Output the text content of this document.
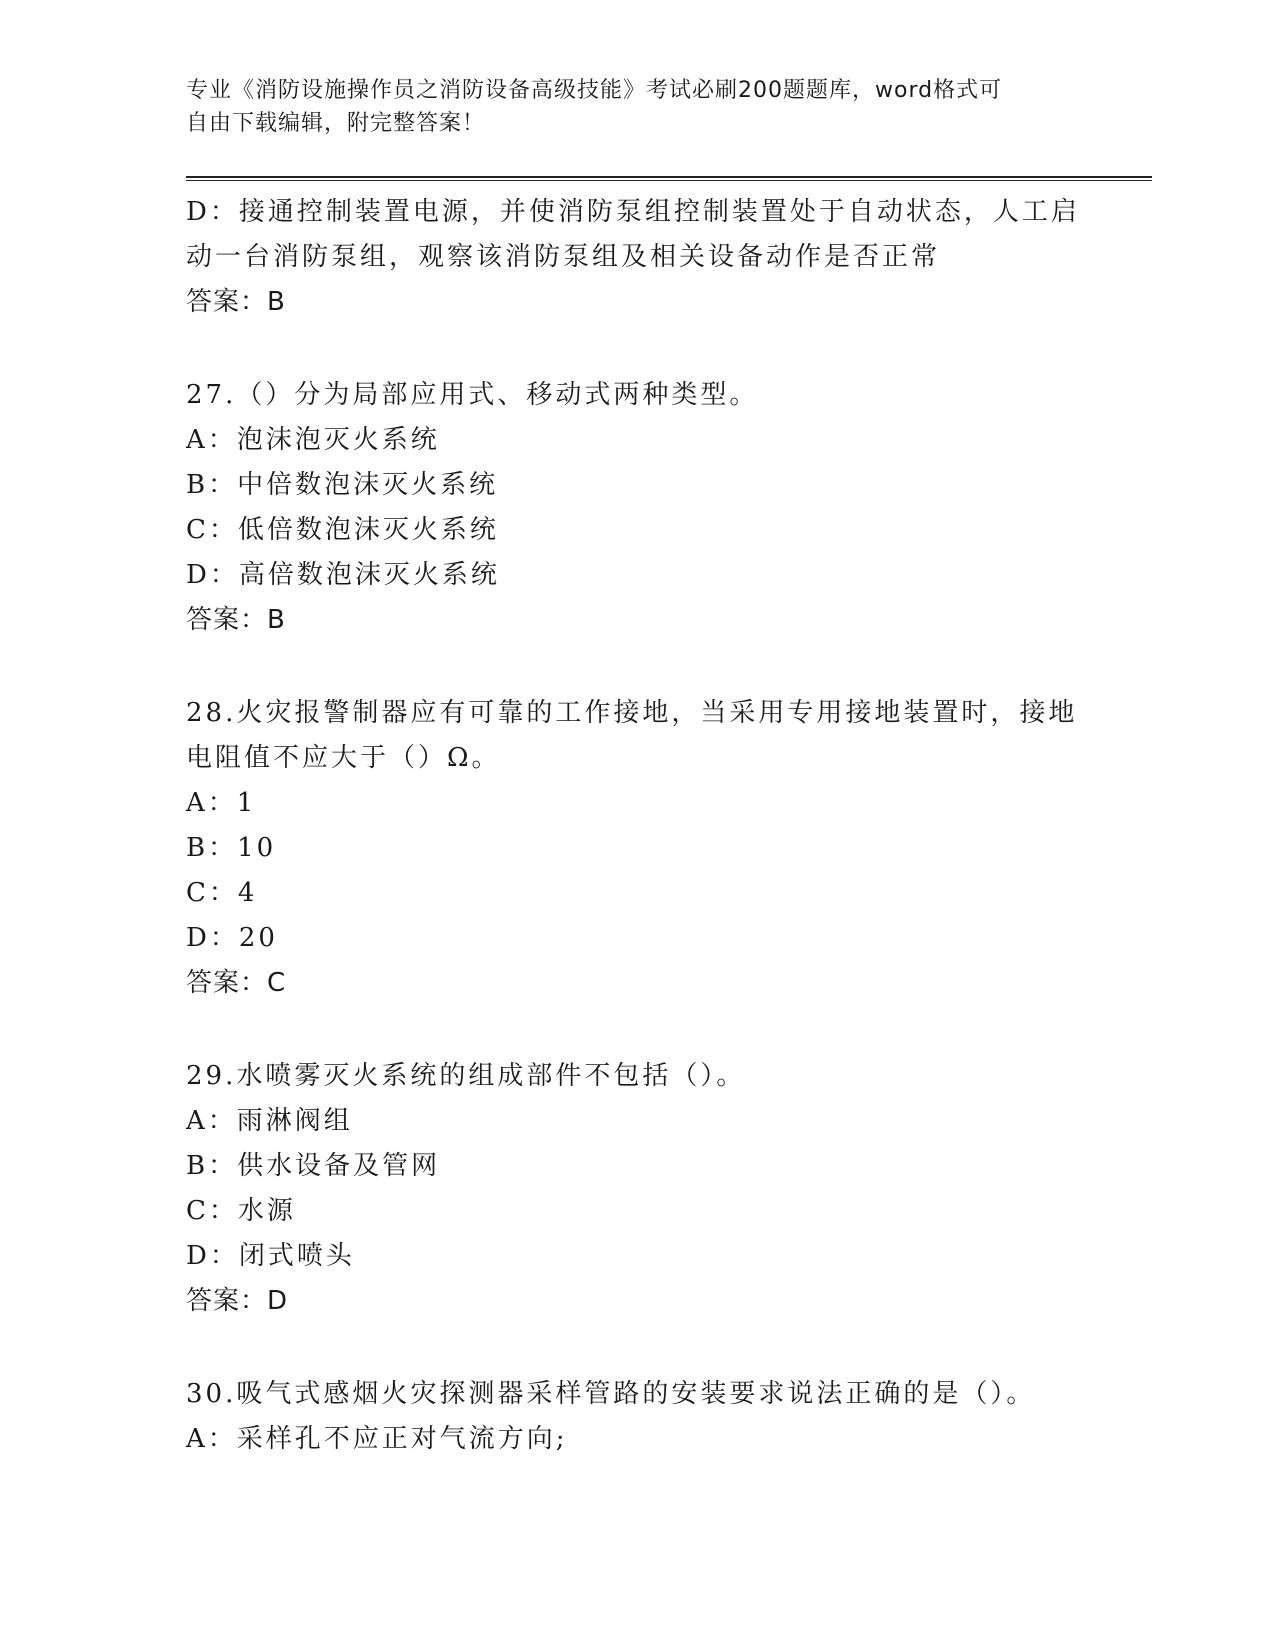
专业《消防设施操作员之消防设备高级技能》考试必刷200题题库，word格式可
自由下载编辑，附完整答案！
D：接通控制装置电源，并使消防泵组控制装置处于自动状态，人工启
动一台消防泵组，观察该消防泵组及相关设备动作是否正常
答案：B
27.（）分为局部应用式、移动式两种类型。
A：泡沫泡灭火系统
B：中倍数泡沫灭火系统
C：低倍数泡沫灭火系统
D：高倍数泡沫灭火系统
答案：B
28.火灾报警制器应有可靠的工作接地，当采用专用接地装置时，接地
电阻值不应大于（）Ω。
A：1
B：10
C：4
D：20
答案：C
29.水喷雾灭火系统的组成部件不包括（）。
A：雨淋阀组
B：供水设备及管网
C：水源
D：闭式喷头
答案：D
30.吸气式感烟火灾探测器采样管路的安装要求说法正确的是（）。
A：采样孔不应正对气流方向;
